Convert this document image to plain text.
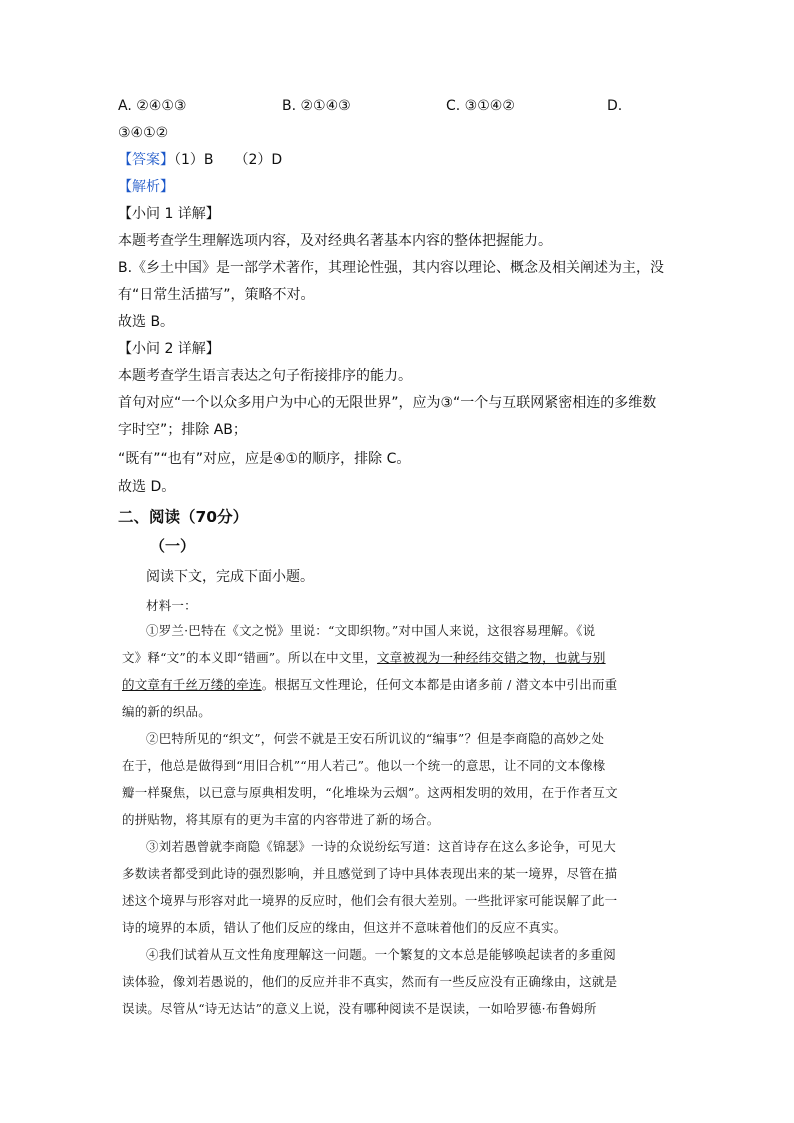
A. ②④①③	B. ②①④③	C. ③①④②	D.
③④①②
【答案】（1）B　　（2）D
【解析】
【小问 1 详解】
本题考查学生理解选项内容，及对经典名著基本内容的整体把握能力。
B.《乡土中国》是一部学术著作，其理论性强，其内容以理论、概念及相关阐述为主，没
有“日常生活描写”，策略不对。
故选 B。
【小问 2 详解】
本题考查学生语言表达之句子衔接排序的能力。
首句对应“一个以众多用户为中心的无限世界”，应为③“一个与互联网紧密相连的多维数
字时空”；排除 AB；
“既有”“也有”对应，应是④①的顺序，排除 C。
故选 D。
二、阅读（70分）
（一）
阅读下文，完成下面小题。
材料一：
①罗兰·巴特在《文之悦》里说：“文即织物。”对中国人来说，这很容易理解。《说
文》释“文”的本义即“错画”。所以在中文里，文章被视为一种经纬交错之物，也就与别
的文章有千丝万缕的牵连。根据互文性理论，任何文本都是由诸多前 / 潜文本中引出而重
编的新的织品。
②巴特所见的“织文”，何尝不就是王安石所讥议的“编事”？但是李商隐的高妙之处
在于，他总是做得到“用旧合机”“用人若己”。他以一个统一的意思，让不同的文本像椽
瓣一样聚焦，以已意与原典相发明，“化堆垛为云烟”。这两相发明的效用，在于作者互文
的拼贴物，将其原有的更为丰富的内容带进了新的场合。
③刘若愚曾就李商隐《锦瑟》一诗的众说纷纭写道：这首诗存在这么多论争，可见大
多数读者都受到此诗的强烈影响，并且感觉到了诗中具体表现出来的某一境界，尽管在描
述这个境界与形容对此一境界的反应时，他们会有很大差别。一些批评家可能误解了此一
诗的境界的本质，错认了他们反应的缘由，但这并不意味着他们的反应不真实。
④我们试着从互文性角度理解这一问题。一个繁复的文本总是能够唤起读者的多重阅
读体验，像刘若愚说的，他们的反应并非不真实，然而有一些反应没有正确缘由，这就是
误读。尽管从“诗无达诂”的意义上说，没有哪种阅读不是误读，一如哈罗德·布鲁姆所
